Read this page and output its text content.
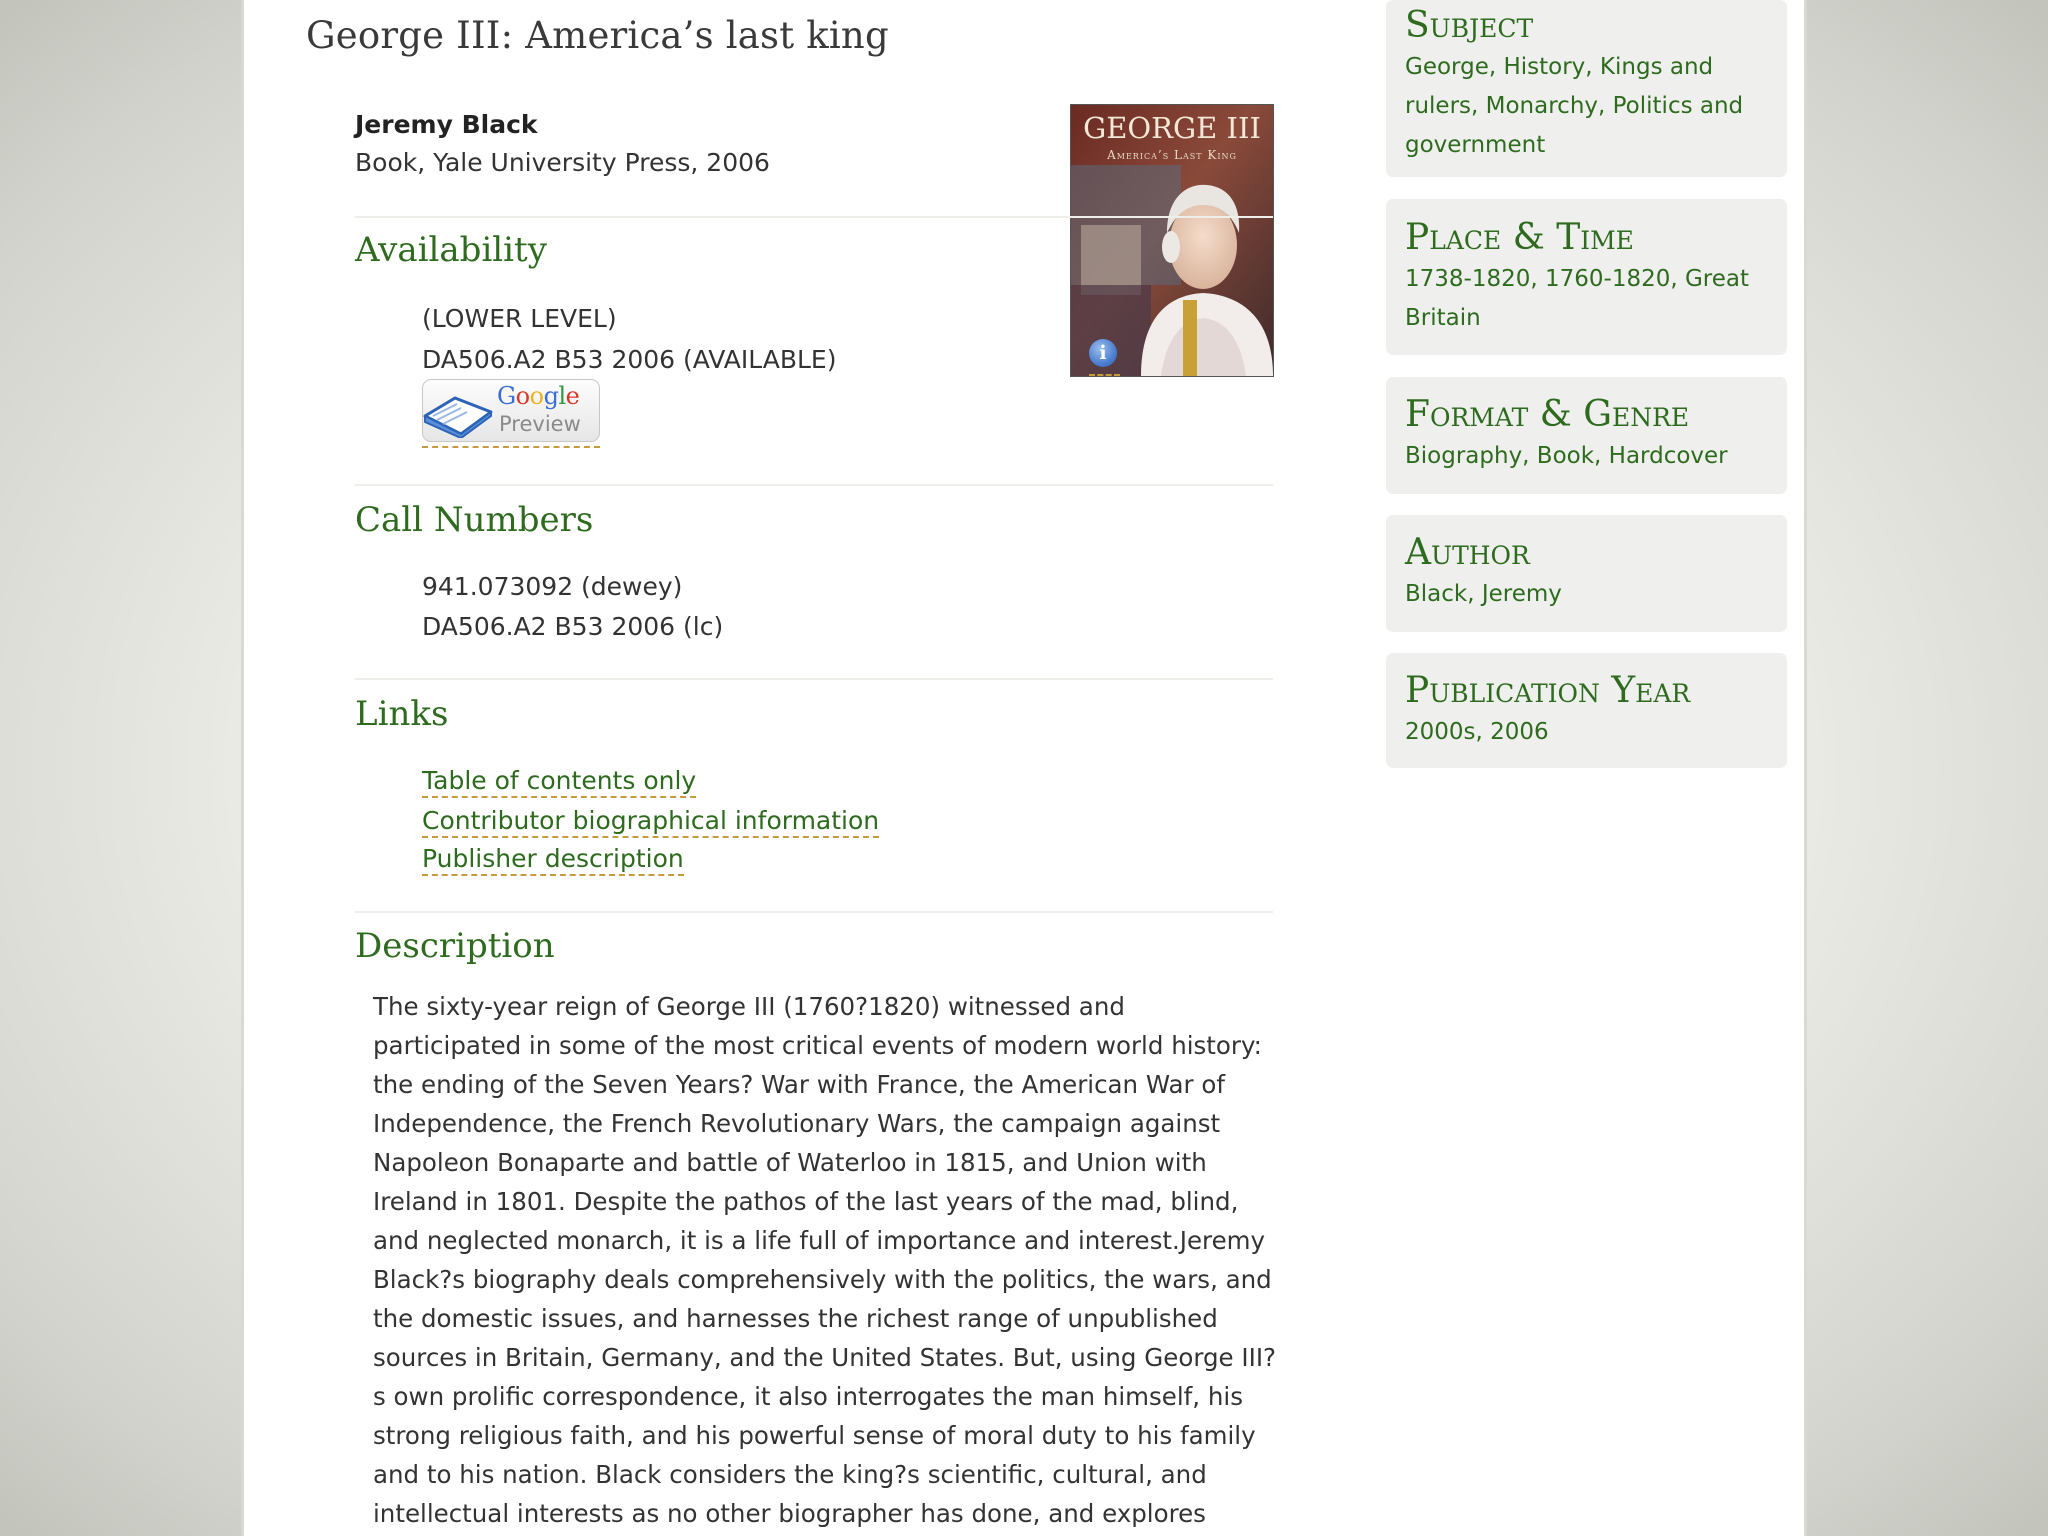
George III: America’s last king
Jeremy Black
Book, Yale University Press, 2006
GEORGE III
America’s Last King
Availability
(LOWER LEVEL)
DA506.A2 B53 2006 (AVAILABLE)	i
Google
Preview
Call Numbers
941.073092 (dewey)
DA506.A2 B53 2006 (lc)
Links
Table of contents only
Contributor biographical information
Publisher description
Description

The sixty-year reign of George III (1760?1820) witnessed and participated in some of the most critical events of modern world history: the ending of the Seven Years? War with France, the American War of Independence, the French Revolutionary Wars, the campaign against Napoleon Bonaparte and battle of Waterloo in 1815, and Union with Ireland in 1801. Despite the pathos of the last years of the mad, blind, and neglected monarch, it is a life full of importance and interest.Jeremy Black?s biography deals comprehensively with the politics, the wars, and the domestic issues, and harnesses the richest range of unpublished sources in Britain, Germany, and the United States. But, using George III?s own prolific correspondence, it also interrogates the man himself, his strong religious faith, and his powerful sense of moral duty to his family and to his nation. Black considers the king?s scientific, cultural, and intellectual interests as no other biographer has done, and explores

Subject
George, History, Kings and rulers, Monarchy, Politics and government
Place & Time
1738-1820, 1760-1820, Great Britain
Format & Genre
Biography, Book, Hardcover
Author
Black, Jeremy
Publication Year
2000s, 2006
